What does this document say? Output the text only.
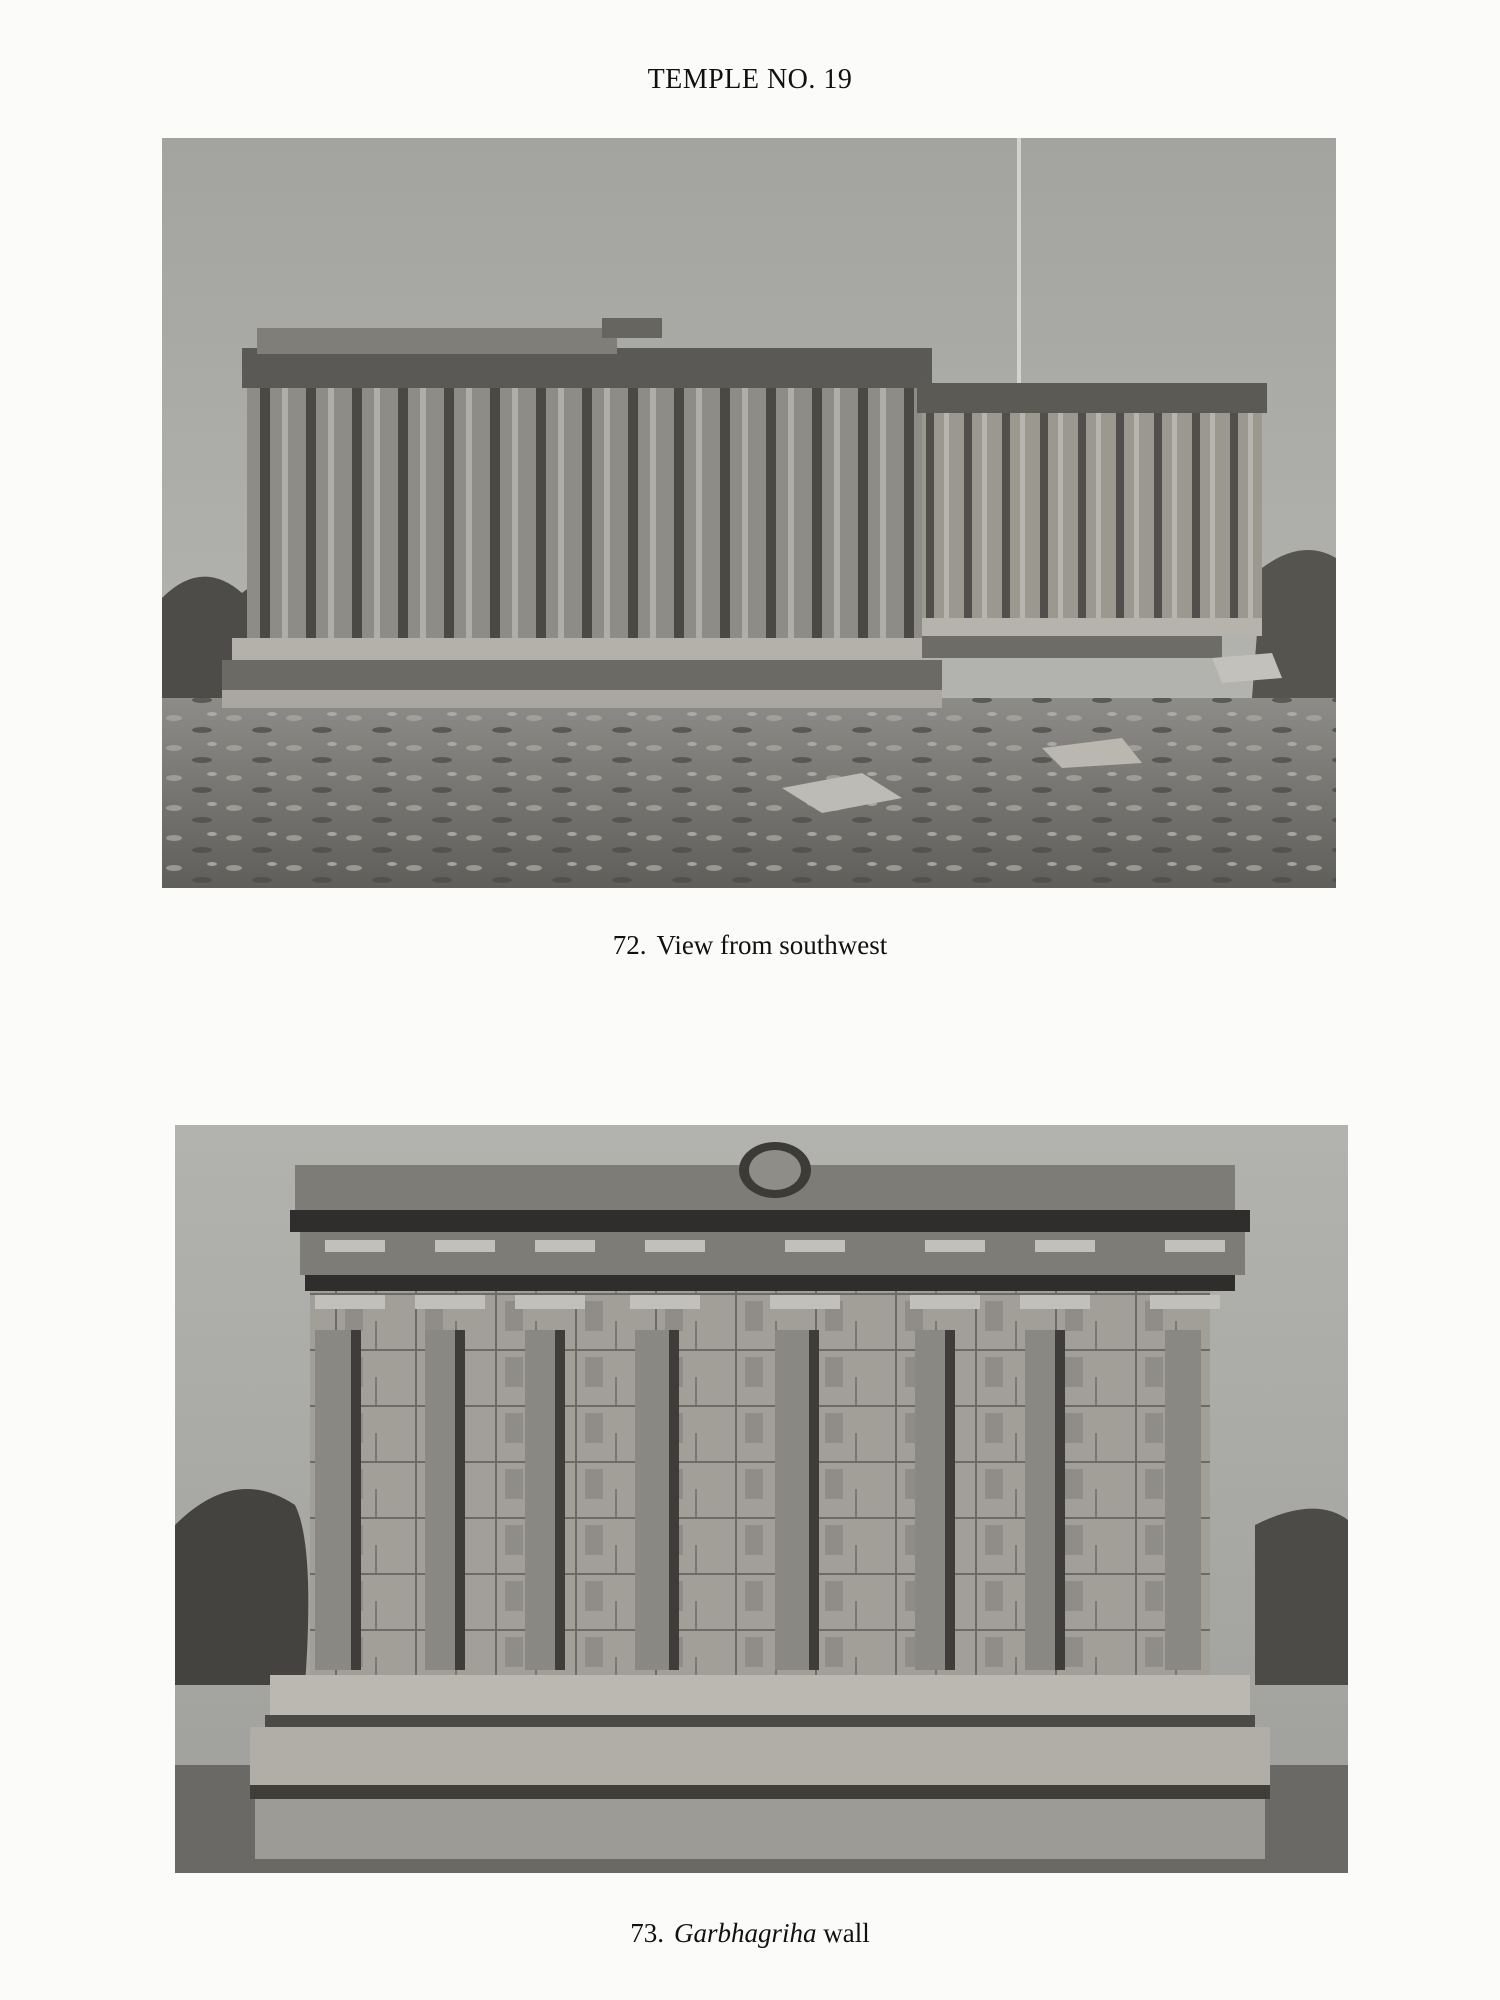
TEMPLE NO. 19
72. View from southwest
73. Garbhagriha wall
